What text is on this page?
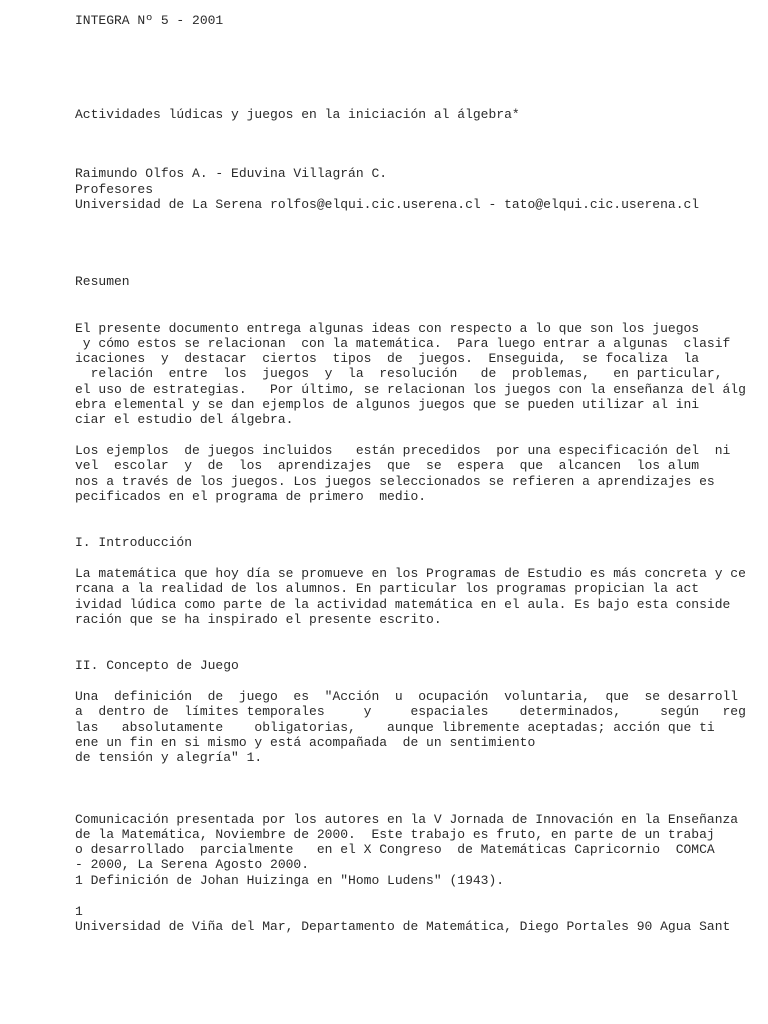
INTEGRA Nº 5 - 2001
Actividades lúdicas y juegos en la iniciación al álgebra*
Raimundo Olfos A. - Eduvina Villagrán C.
Profesores
Universidad de La Serena rolfos@elqui.cic.userena.cl - tato@elqui.cic.userena.cl
Resumen
El presente documento entrega algunas ideas con respecto a lo que son los juegos
y cómo estos se relacionan  con la matemática.  Para luego entrar a algunas  clasif
icaciones  y  destacar  ciertos  tipos  de  juegos.  Enseguida,  se focaliza  la
relación  entre  los  juegos  y  la  resolución   de  problemas,   en particular,
el uso de estrategias.   Por último, se relacionan los juegos con la enseñanza del álg
ebra elemental y se dan ejemplos de algunos juegos que se pueden utilizar al ini
ciar el estudio del álgebra.
Los ejemplos  de juegos incluidos   están precedidos  por una especificación del  ni
vel  escolar  y  de  los  aprendizajes  que  se  espera  que  alcancen  los alum
nos a través de los juegos. Los juegos seleccionados se refieren a aprendizajes es
pecificados en el programa de primero  medio.
I. Introducción
La matemática que hoy día se promueve en los Programas de Estudio es más concreta y ce
rcana a la realidad de los alumnos. En particular los programas propician la act
ividad lúdica como parte de la actividad matemática en el aula. Es bajo esta conside
ración que se ha inspirado el presente escrito.
II. Concepto de Juego
Una  definición  de  juego  es  "Acción  u  ocupación  voluntaria,  que  se desarroll
a  dentro de  límites temporales     y     espaciales    determinados,     según   reg
las   absolutamente    obligatorias,    aunque libremente aceptadas; acción que ti
ene un fin en si mismo y está acompañada  de un sentimiento
de tensión y alegría" 1.
Comunicación presentada por los autores en la V Jornada de Innovación en la Enseñanza
de la Matemática, Noviembre de 2000.  Este trabajo es fruto, en parte de un trabaj
o desarrollado  parcialmente   en el X Congreso  de Matemáticas Capricornio  COMCA
- 2000, La Serena Agosto 2000.
1 Definición de Johan Huizinga en "Homo Ludens" (1943).
1
Universidad de Viña del Mar, Departamento de Matemática, Diego Portales 90 Agua Sant
